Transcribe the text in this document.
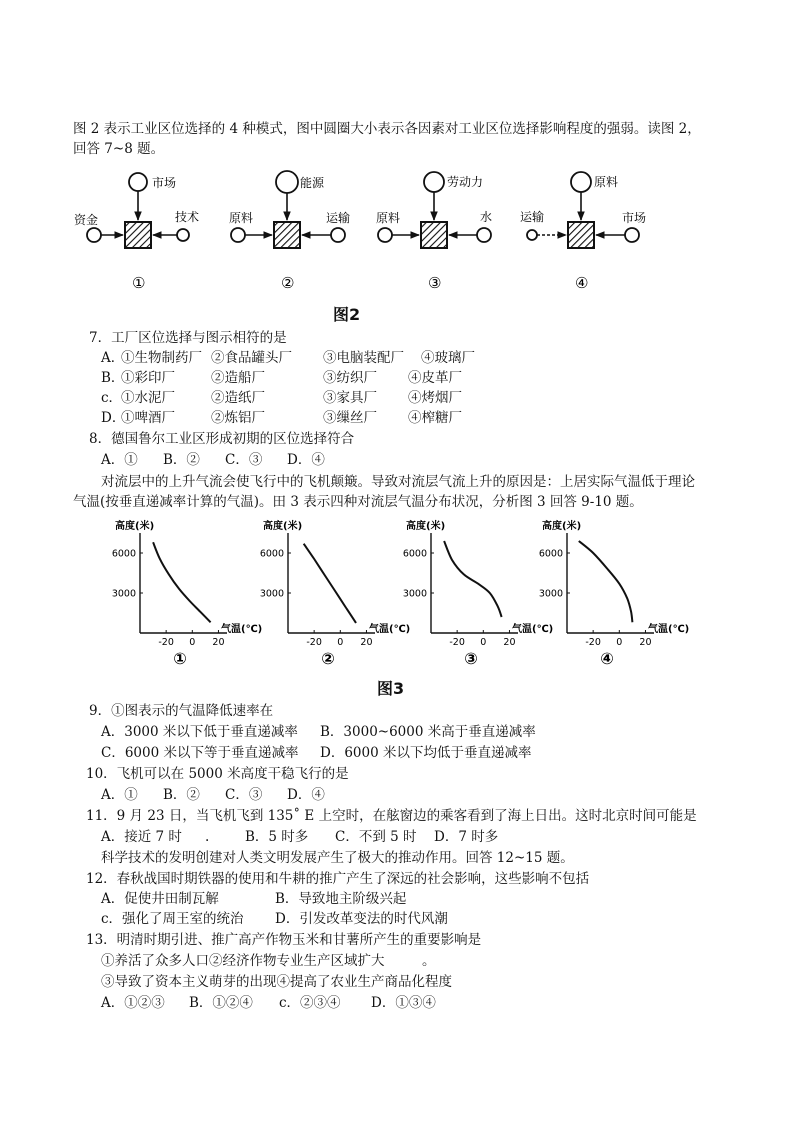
图 2 表示工业区位选择的 4 种模式，图中圆圈大小表示各因素对工业区位选择影响程度的强弱。读图 2，
回答 7~8 题。
市场
资金	技术
①
能源
原料	运输
②
劳动力
原料	水
③
原料
运输	市场
④
图2
7．工厂区位选择与图示相符的是
A．
①生物制药厂 ②食品罐头厂 ③电脑装配厂 ④玻璃厂
B．
①彩印厂	②造船厂	③纺织厂 ④皮革厂
c．
①水泥厂	②造纸厂	③家具厂 ④烤烟厂
D．
①啤酒厂	②炼铝厂	③缫丝厂 ④榨糖厂
8．德国鲁尔工业区形成初期的区位选择符合
A．① B．② C．③ D．④
对流层中的上升气流会使飞行中的飞机颠簸。导致对流层气流上升的原因是：上居实际气温低于理论
气温(按垂直递减率计算的气温)。田 3 表示四种对流层气温分布状况，分析图 3 回答 9-10 题。
高度(米)
气温(℃)
6000
3000
-20 0 20
①
高度(米)
气温(℃)
6000
3000
-20 0 20
②
高度(米)
气温(℃)
6000
3000
-20 0 20
③
高度(米)
气温(℃)
6000
3000
-20 0 20
④
图3
9．①图表示的气温降低速率在
A．3000 米以下低于垂直递减率 B．3000~6000 米高于垂直递减率
C．6000 米以下等于垂直递减率 D．6000 米以下均低于垂直递减率
10．飞机可以在 5000 米高度干稳飞行的是
A．① B．② C．③ D．④
11．9 月 23 日，当飞机飞到 135˚ E 上空时，在舷窗边的乘客看到了海上日出。这时北京时间可能是
A．接近 7 时 .	B．5 时多 C．不到 5 时 D．7 时多
科学技术的发明创建对人类文明发展产生了极大的推动作用。回答 12~15 题。
12．春秋战国时期铁器的使用和牛耕的推广产生了深远的社会影响，这些影响不包括
A．促使井田制瓦解	B．导致地主阶级兴起
c．强化了周王室的统治 D．引发改革变法的时代风潮
13．明清时期引进、推广高产作物玉米和甘薯所产生的重要影响是
①养活了众多人口②经济作物专业生产区域扩大	。
③导致了资本主义萌芽的出现④提高了农业生产商品化程度
A．①②③ B．①②④ c．②③④ D．①③④
